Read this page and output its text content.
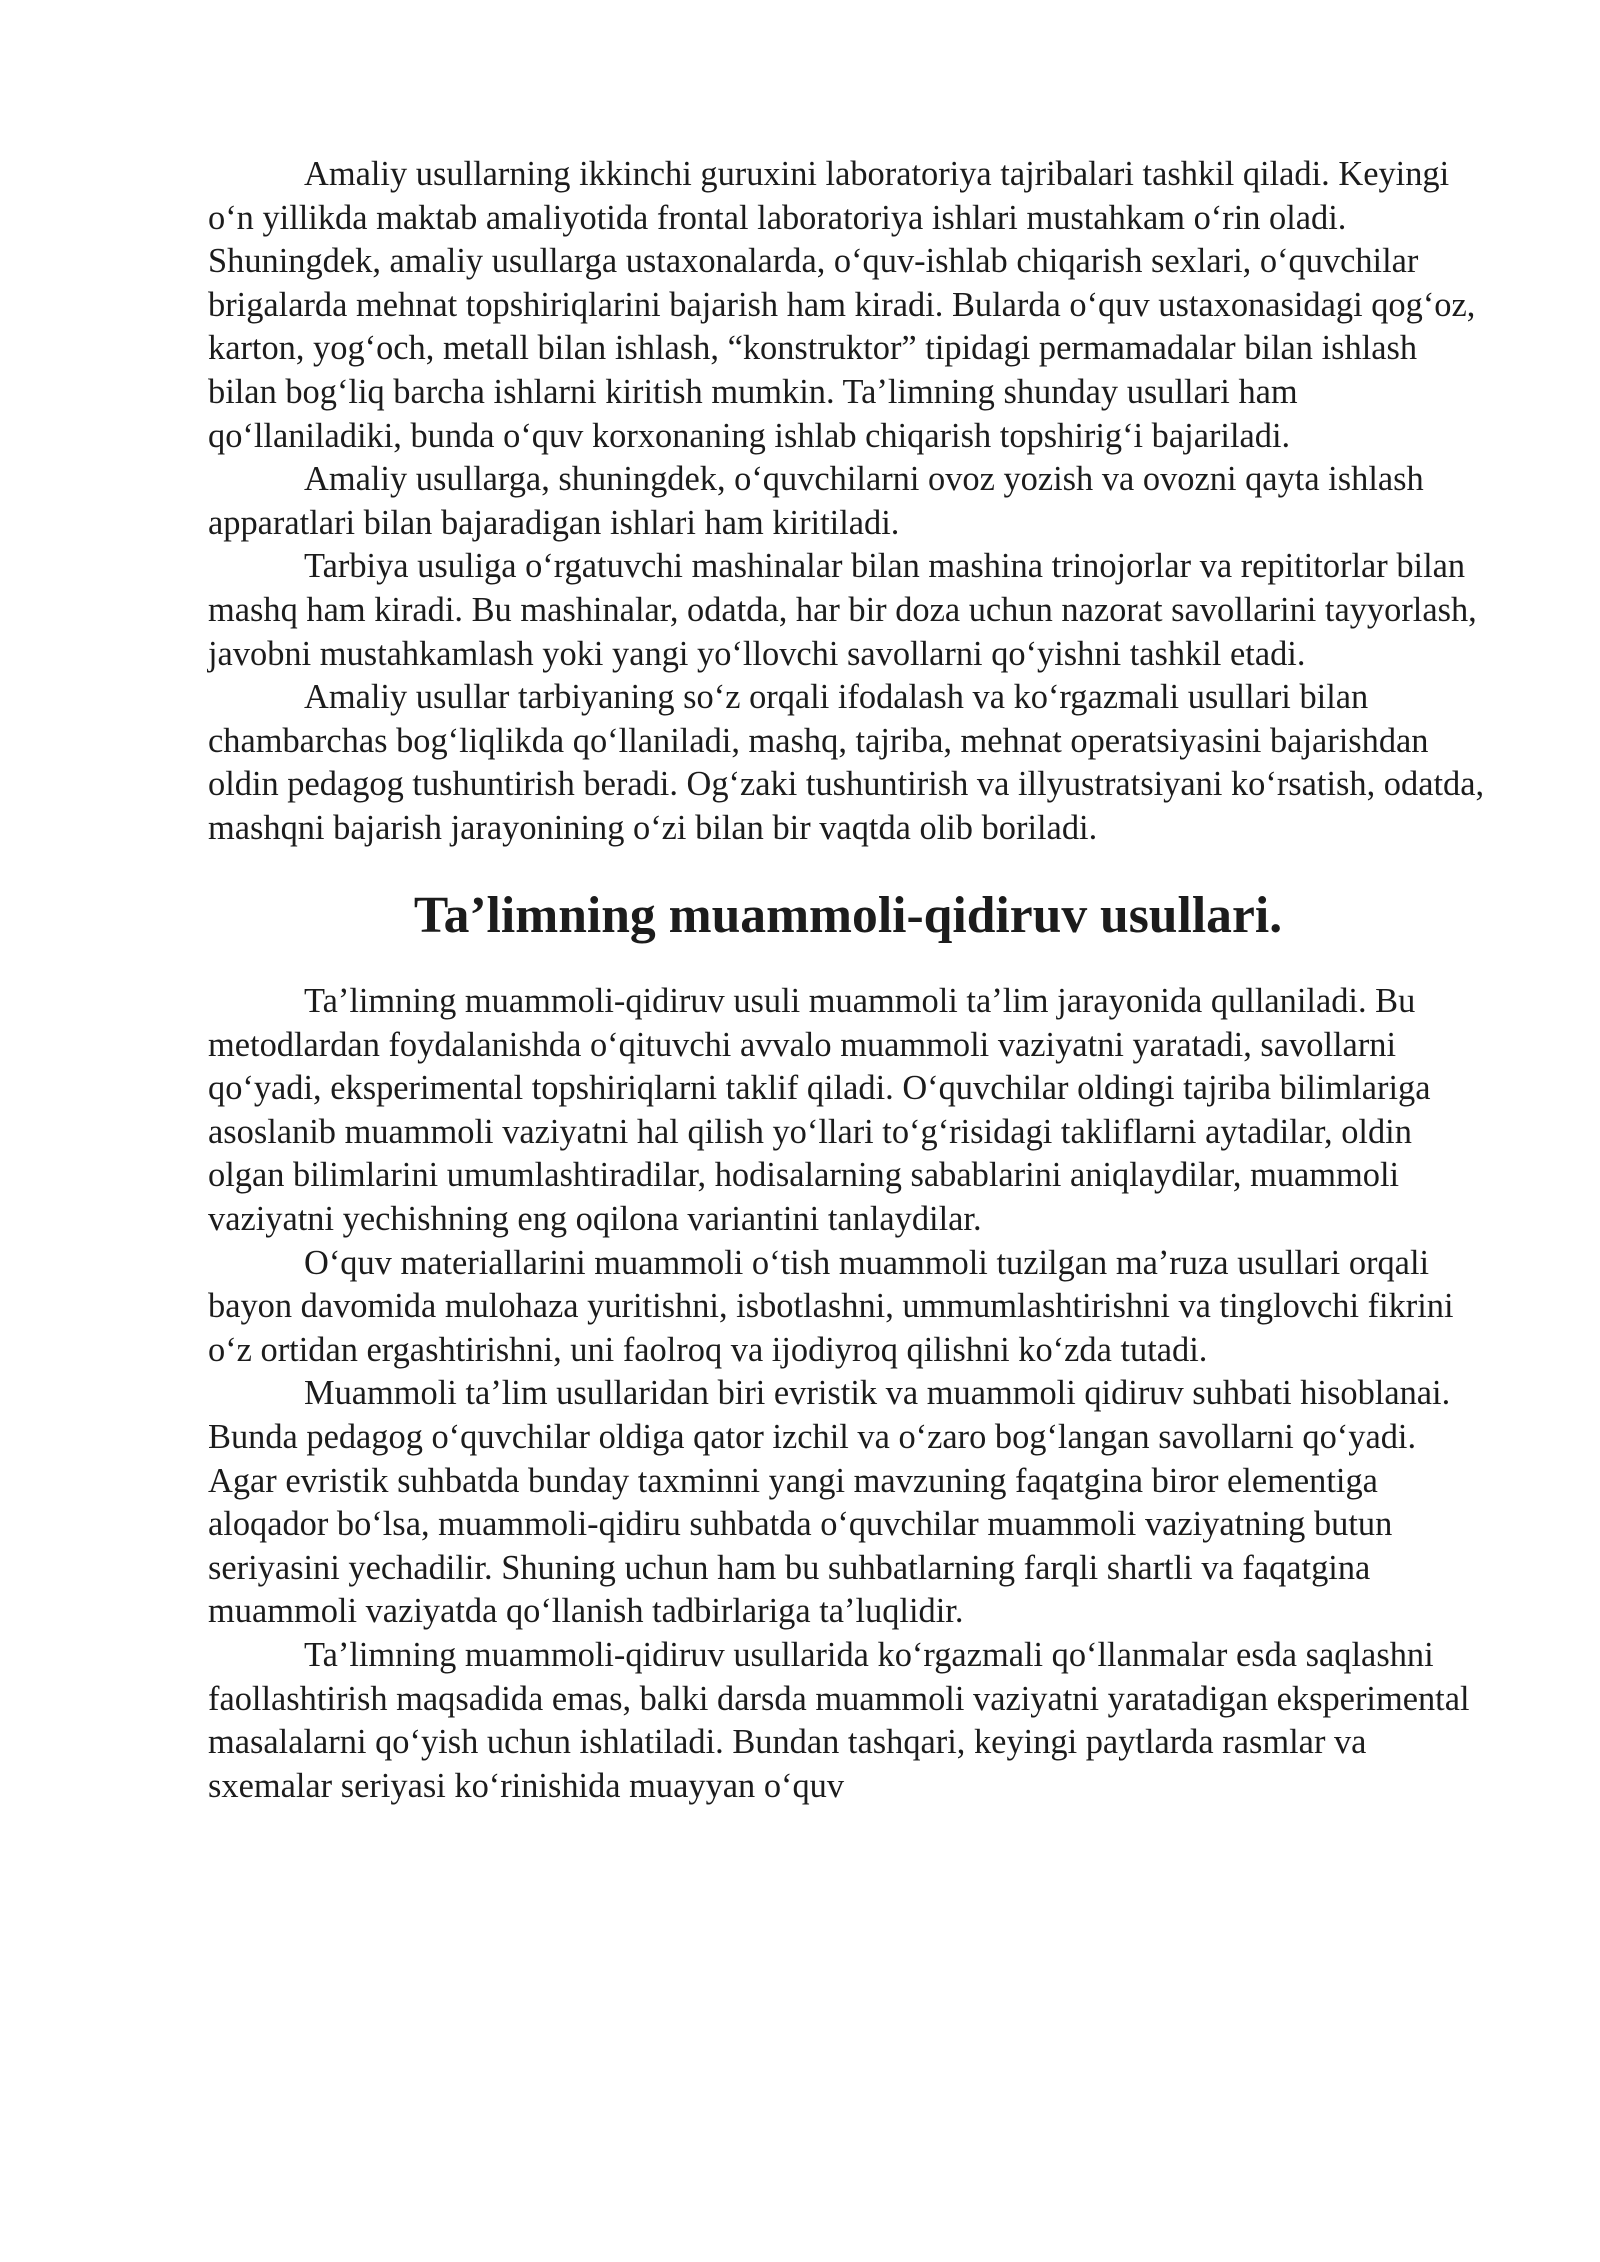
Amaliy usullarning ikkinchi guruxini laboratoriya tajribalari tashkil qiladi. Keyingi oʻn yillikda maktab amaliyotida frontal laboratoriya ishlari mustahkam oʻrin oladi. Shuningdek, amaliy usullarga ustaxonalarda, oʻquv-ishlab chiqarish sexlari, oʻquvchilar brigalarda mehnat topshiriqlarini bajarish ham kiradi. Bularda oʻquv ustaxonasidagi qogʻoz, karton, yogʻoch, metall bilan ishlash, “konstruktor” tipidagi permamadalar bilan ishlash bilan bogʻliq barcha ishlarni kiritish mumkin. Taʼlimning shunday usullari ham qoʻllaniladiki, bunda oʻquv korxonaning ishlab chiqarish topshirigʻi bajariladi.

Amaliy usullarga, shuningdek, oʻquvchilarni ovoz yozish va ovozni qayta ishlash apparatlari bilan bajaradigan ishlari ham kiritiladi.

Tarbiya usuliga oʻrgatuvchi mashinalar bilan mashina trinojorlar va repititorlar bilan mashq ham kiradi. Bu mashinalar, odatda, har bir doza uchun nazorat savollarini tayyorlash, javobni mustahkamlash yoki yangi yoʻllovchi savollarni qoʻyishni tashkil etadi.

Amaliy usullar tarbiyaning soʻz orqali ifodalash va koʻrgazmali usullari bilan chambarchas bogʻliqlikda qoʻllaniladi, mashq, tajriba, mehnat operatsiyasini bajarishdan oldin pedagog tushuntirish beradi. Ogʻzaki tushuntirish va illyustratsiyani koʻrsatish, odatda, mashqni bajarish jarayonining oʻzi bilan bir vaqtda olib boriladi.

Taʼlimning muammoli-qidiruv usullari.

Taʼlimning muammoli-qidiruv usuli muammoli taʼlim jarayonida qullaniladi. Bu metodlardan foydalanishda oʻqituvchi avvalo muammoli vaziyatni yaratadi, savollarni qoʻyadi, eksperimental topshiriqlarni taklif qiladi. Oʻquvchilar oldingi tajriba bilimlariga asoslanib muammoli vaziyatni hal qilish yoʻllari toʻgʻrisidagi takliflarni aytadilar, oldin olgan bilimlarini umumlashtiradilar, hodisalarning sabablarini aniqlaydilar, muammoli vaziyatni yechishning eng oqilona variantini tanlaydilar.

Oʻquv materiallarini muammoli oʻtish muammoli tuzilgan maʼruza usullari orqali bayon davomida mulohaza yuritishni, isbotlashni, ummumlashtirishni va tinglovchi fikrini oʻz ortidan ergashtirishni, uni faolroq va ijodiyroq qilishni koʻzda tutadi.

Muammoli taʼlim usullaridan biri evristik va muammoli qidiruv suhbati hisoblanai. Bunda pedagog oʻquvchilar oldiga qator izchil va oʻzaro bogʻlangan savollarni qoʻyadi. Agar evristik suhbatda bunday taxminni yangi mavzuning faqatgina biror elementiga aloqador boʻlsa, muammoli-qidiru suhbatda oʻquvchilar muammoli vaziyatning butun seriyasini yechadilir. Shuning uchun ham bu suhbatlarning farqli shartli va faqatgina muammoli vaziyatda qoʻllanish tadbirlariga taʼluqlidir.

Taʼlimning muammoli-qidiruv usullarida koʻrgazmali qoʻllanmalar esda saqlashni faollashtirish maqsadida emas, balki darsda muammoli vaziyatni yaratadigan eksperimental masalalarni qoʻyish uchun ishlatiladi. Bundan tashqari, keyingi paytlarda rasmlar va sxemalar seriyasi koʻrinishida muayyan oʻquv
